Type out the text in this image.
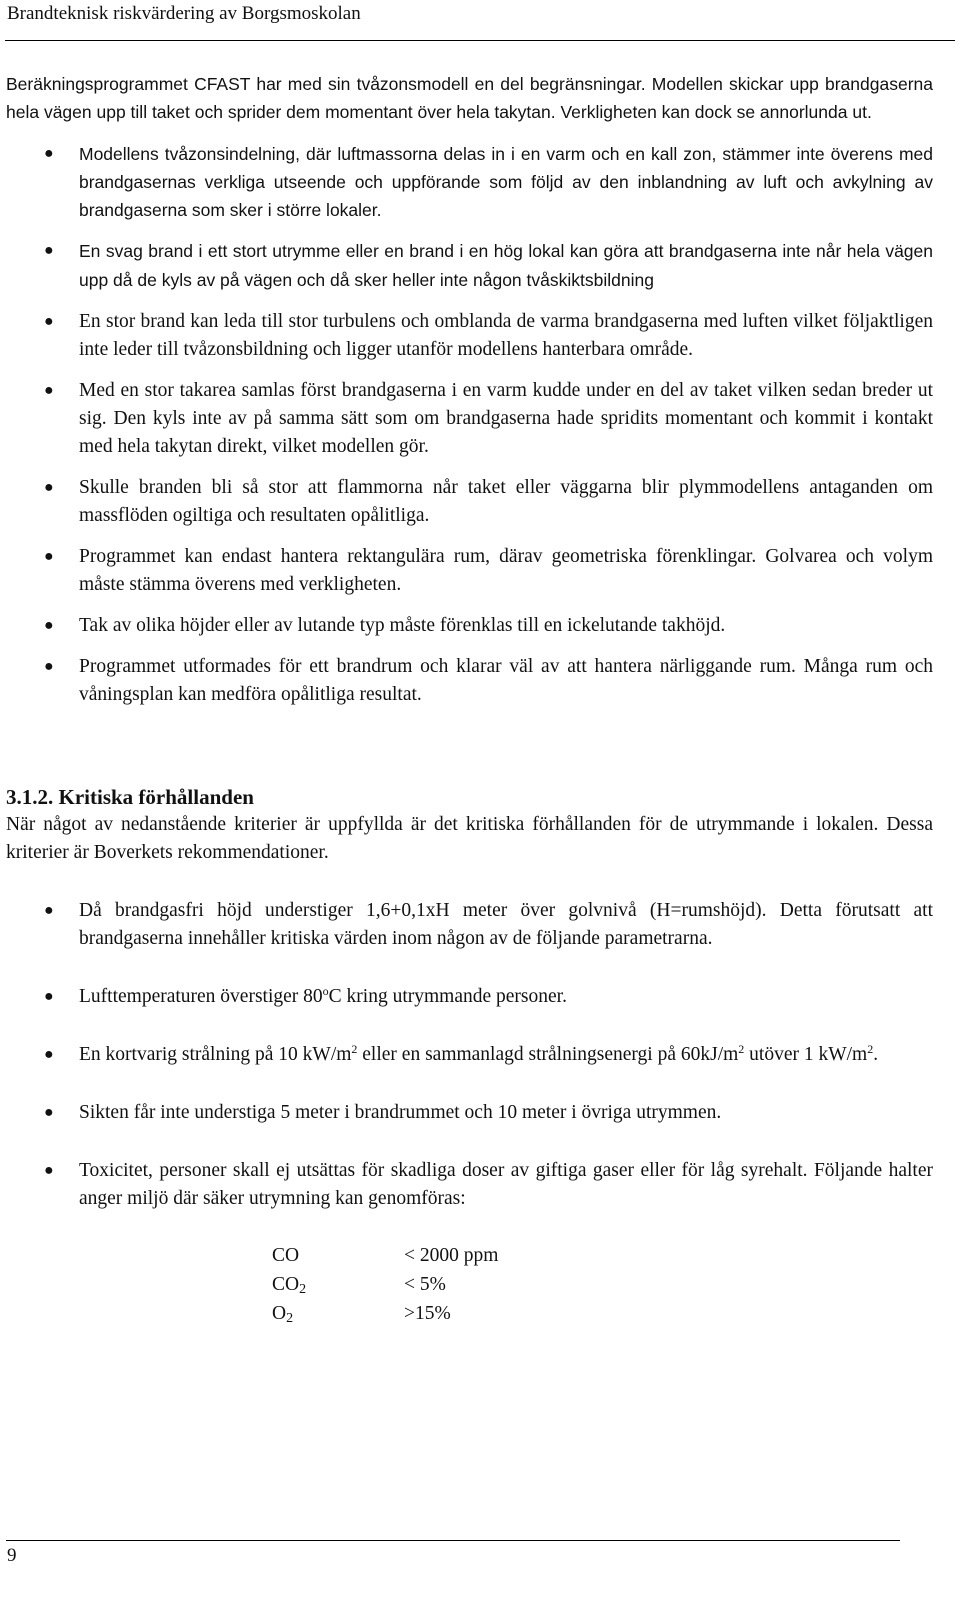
Brandteknisk riskvärdering av Borgsmoskolan

Beräkningsprogrammet CFAST har med sin tvåzonsmodell en del begränsningar. Modellen skickar upp brandgaserna hela vägen upp till taket och sprider dem momentant över hela takytan. Verkligheten kan dock se annorlunda ut.

● Modellens tvåzonsindelning, där luftmassorna delas in i en varm och en kall zon, stämmer inte överens med brandgasernas verkliga utseende och uppförande som följd av den inblandning av luft och avkylning av brandgaserna som sker i större lokaler.
● En svag brand i ett stort utrymme eller en brand i en hög lokal kan göra att brandgaserna inte når hela vägen upp då de kyls av på vägen och då sker heller inte någon tvåskiktsbildning
● En stor brand kan leda till stor turbulens och omblanda de varma brandgaserna med luften vilket följaktligen inte leder till tvåzonsbildning och ligger utanför modellens hanterbara område.
● Med en stor takarea samlas först brandgaserna i en varm kudde under en del av taket vilken sedan breder ut sig. Den kyls inte av på samma sätt som om brandgaserna hade spridits momentant och kommit i kontakt med hela takytan direkt, vilket modellen gör.
● Skulle branden bli så stor att flammorna når taket eller väggarna blir plymmodellens antaganden om massflöden ogiltiga och resultaten opålitliga.
● Programmet kan endast hantera rektangulära rum, därav geometriska förenklingar. Golvarea och volym måste stämma överens med verkligheten.
● Tak av olika höjder eller av lutande typ måste förenklas till en ickelutande takhöjd.
● Programmet utformades för ett brandrum och klarar väl av att hantera närliggande rum. Många rum och våningsplan kan medföra opålitliga resultat.
3.1.2. Kritiska förhållanden

När något av nedanstående kriterier är uppfyllda är det kritiska förhållanden för de utrymmande i lokalen. Dessa kriterier är Boverkets rekommendationer.

● Då brandgasfri höjd understiger 1,6+0,1xH meter över golvnivå (H=rumshöjd). Detta förutsatt att brandgaserna innehåller kritiska värden inom någon av de följande parametrarna.
● Lufttemperaturen överstiger 80$^o$C kring utrymmande personer.
● En kortvarig strålning på 10 $kW/m^2$ eller en sammanlagd strålningsenergi på $60kJ/m^2$ utöver 1 $kW/m^2$.
● Sikten får inte understiga 5 meter i brandrummet och 10 meter i övriga utrymmen.
● Toxicitet, personer skall ej utsättas för skadliga doser av giftiga gaser eller för låg syrehalt. Följande halter anger miljö där säker utrymning kan genomföras:
CO	< 2000 ppm
$CO_2$	< 5%
$O_2$	>15%
9
